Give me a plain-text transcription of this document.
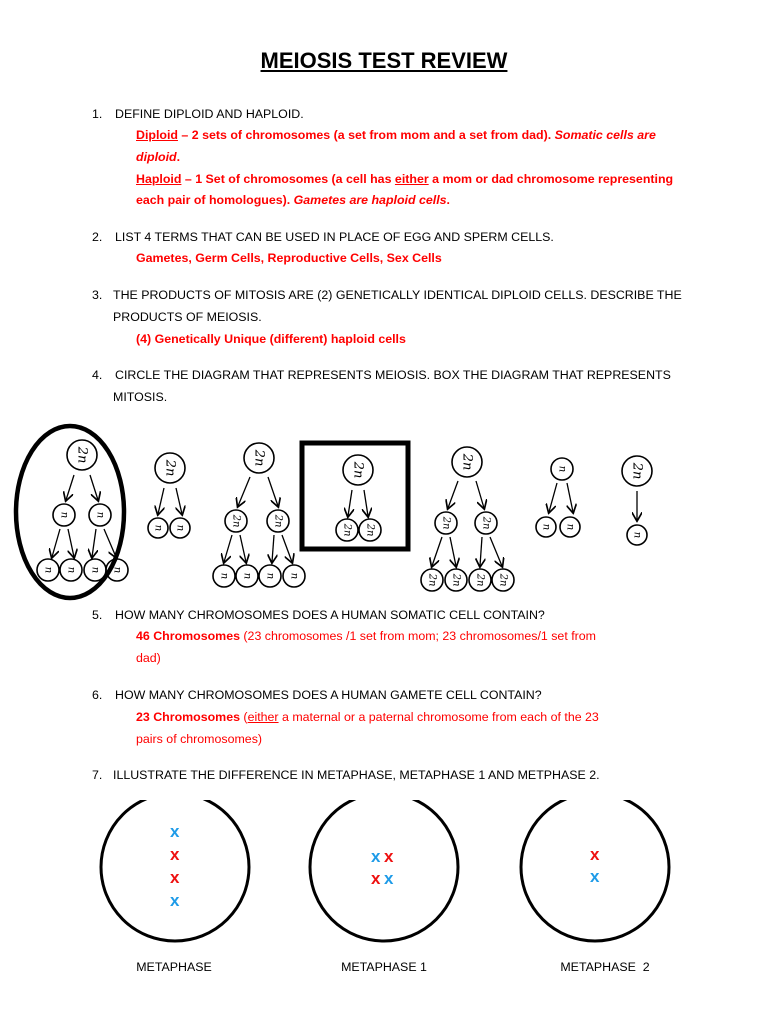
MEIOSIS TEST REVIEW
1. DEFINE DIPLOID AND HAPLOID.
Diploid – 2 sets of chromosomes (a set from mom and a set from dad). Somatic cells are
diploid.
Haploid – 1 Set of chromosomes (a cell has either a mom or dad chromosome representing
each pair of homologues). Gametes are haploid cells.
2. LIST 4 TERMS THAT CAN BE USED IN PLACE OF EGG AND SPERM CELLS.
Gametes, Germ Cells, Reproductive Cells, Sex Cells
3. THE PRODUCTS OF MITOSIS ARE (2) GENETICALLY IDENTICAL DIPLOID CELLS. DESCRIBE THE
PRODUCTS OF MEIOSIS.
(4) Genetically Unique (different) haploid cells
4. CIRCLE THE DIAGRAM THAT REPRESENTS MEIOSIS. BOX THE DIAGRAM THAT REPRESENTS
MITOSIS.
2n
n	n
n n n n
2n
n n
2n
2n	2n
n n n n
2n
2n 2n
2n
2n	2n
2n 2n 2n 2n
n
n n
2n
n
5. HOW MANY CHROMOSOMES DOES A HUMAN SOMATIC CELL CONTAIN?
46 Chromosomes (23 chromosomes /1 set from mom; 23 chromosomes/1 set from
dad)
6. HOW MANY CHROMOSOMES DOES A HUMAN GAMETE CELL CONTAIN?
23 Chromosomes (either a maternal or a paternal chromosome from each of the 23
pairs of chromosomes)
7. ILLUSTRATE THE DIFFERENCE IN METAPHASE, METAPHASE 1 AND METPHASE 2.
x
x
x
x
x x
x x
x
x
METAPHASE	METAPHASE 1	METAPHASE  2
